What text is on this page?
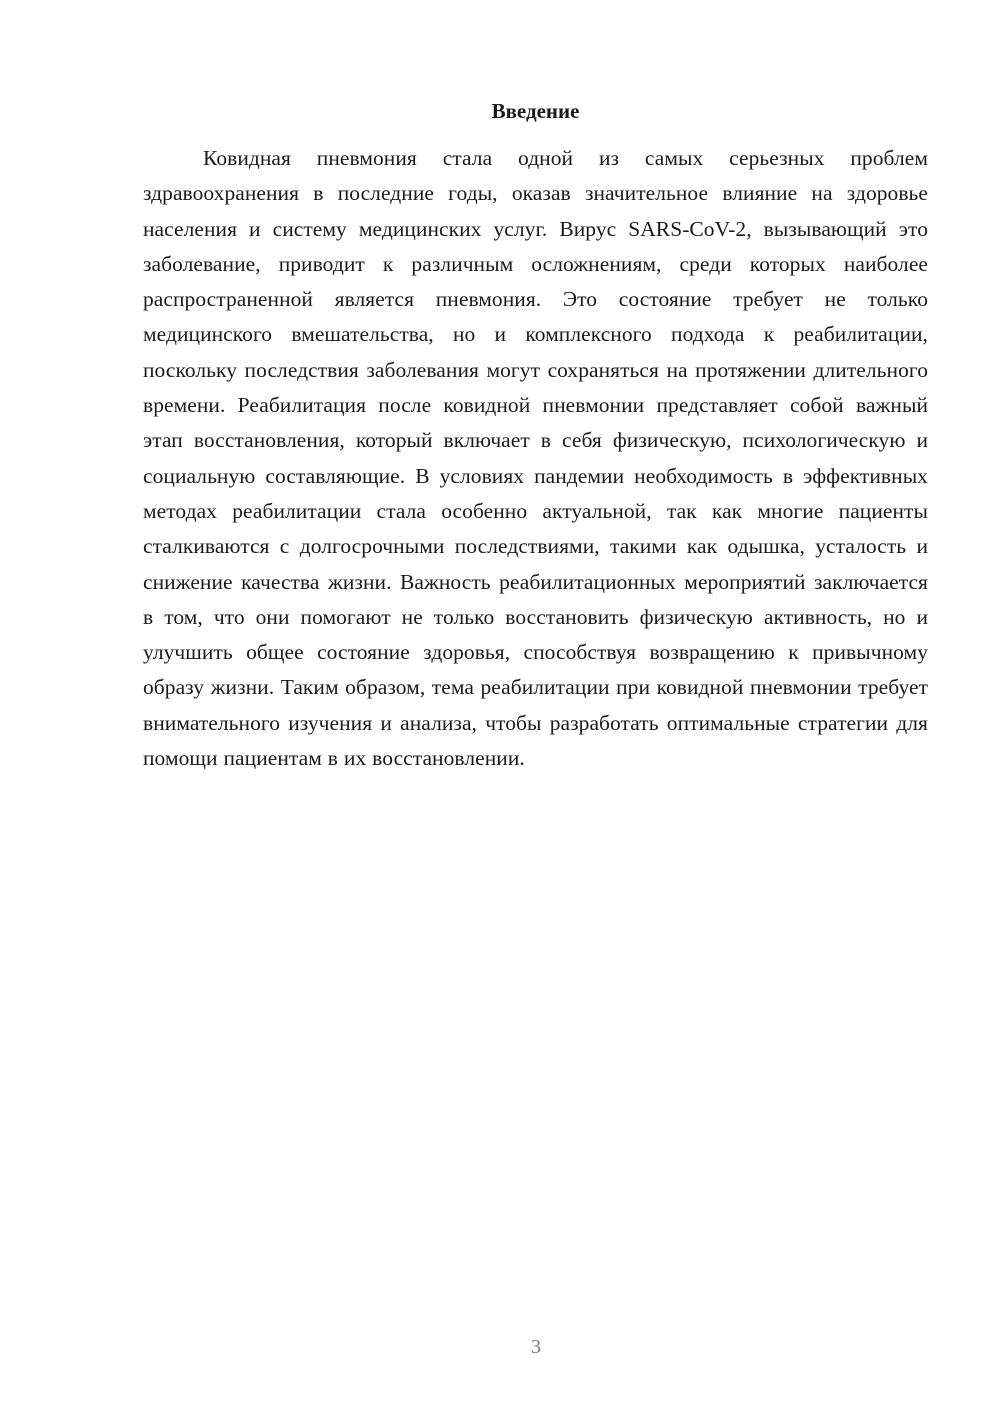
Введение

Ковидная пневмония стала одной из самых серьезных проблем здравоохранения в последние годы, оказав значительное влияние на здоровье населения и систему медицинских услуг. Вирус SARS-CoV-2, вызывающий это заболевание, приводит к различным осложнениям, среди которых наиболее распространенной является пневмония. Это состояние требует не только медицинского вмешательства, но и комплексного подхода к реабилитации, поскольку последствия заболевания могут сохраняться на протяжении длительного времени. Реабилитация после ковидной пневмонии представляет собой важный этап восстановления, который включает в себя физическую, психологическую и социальную составляющие. В условиях пандемии необходимость в эффективных методах реабилитации стала особенно актуальной, так как многие пациенты сталкиваются с долгосрочными последствиями, такими как одышка, усталость и снижение качества жизни. Важность реабилитационных мероприятий заключается в том, что они помогают не только восстановить физическую активность, но и улучшить общее состояние здоровья, способствуя возвращению к привычному образу жизни. Таким образом, тема реабилитации при ковидной пневмонии требует внимательного изучения и анализа, чтобы разработать оптимальные стратегии для помощи пациентам в их восстановлении.

3
